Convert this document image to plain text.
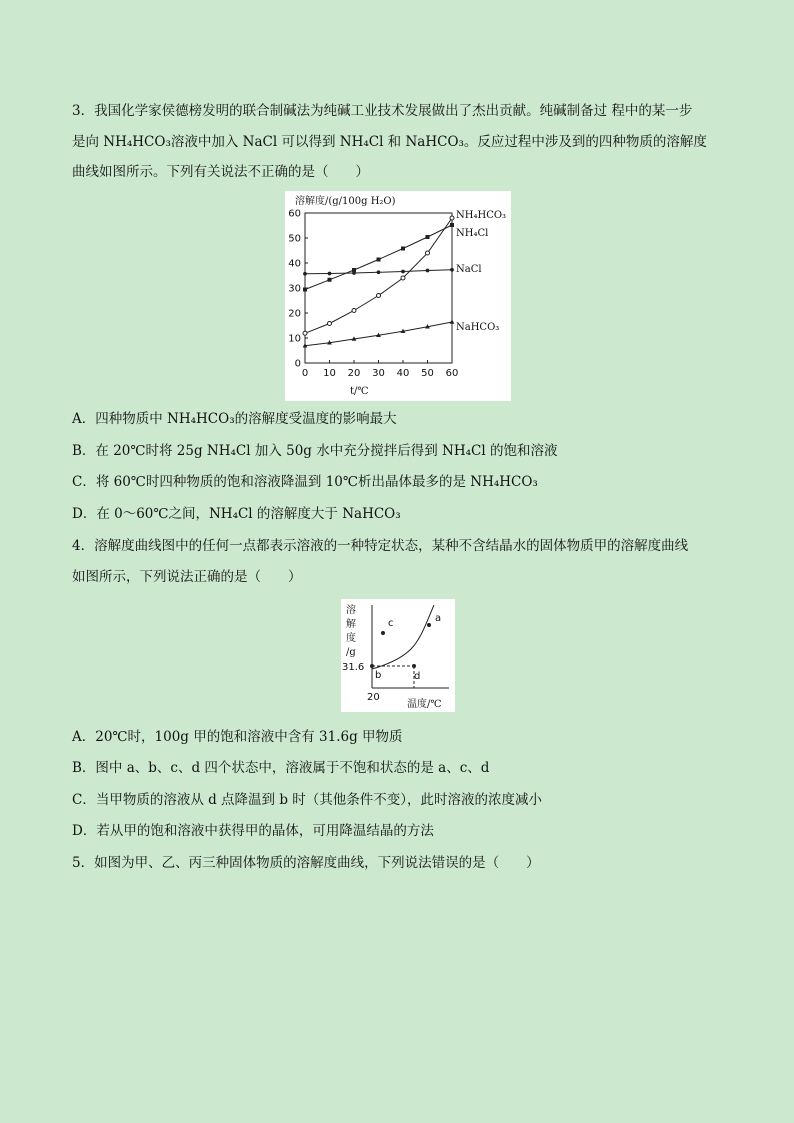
3．我国化学家侯德榜发明的联合制碱法为纯碱工业技术发展做出了杰出贡献。纯碱制备过 程中的某一步
是向 NH₄HCO₃溶液中加入 NaCl 可以得到 NH₄Cl 和 NaHCO₃。反应过程中涉及到的四种物质的溶解度
曲线如图所示。下列有关说法不正确的是（　　）
溶解度/(g/100g H₂O)
0
10
20
30
40
50
60
0 10 20 30 40 50 60
NH₄HCO₃
NH₄Cl
NaCl
NaHCO₃
t/℃
A．四种物质中 NH₄HCO₃的溶解度受温度的影响最大
B．在 20℃时将 25g NH₄Cl 加入 50g 水中充分搅拌后得到 NH₄Cl 的饱和溶液
C．将 60℃时四种物质的饱和溶液降温到 10℃析出晶体最多的是 NH₄HCO₃
D．在 0～60℃之间，NH₄Cl 的溶解度大于 NaHCO₃
4．溶解度曲线图中的任何一点都表示溶液的一种特定状态，某种不含结晶水的固体物质甲的溶解度曲线
如图所示，下列说法正确的是（　　）
溶
解
度
/g
31.6
20
温度/℃
a
b
c
d
A．20℃时，100g 甲的饱和溶液中含有 31.6g 甲物质
B．图中 a、b、c、d 四个状态中，溶液属于不饱和状态的是 a、c、d
C．当甲物质的溶液从 d 点降温到 b 时（其他条件不变），此时溶液的浓度减小
D．若从甲的饱和溶液中获得甲的晶体，可用降温结晶的方法
5．如图为甲、乙、丙三种固体物质的溶解度曲线，下列说法错误的是（　　）
